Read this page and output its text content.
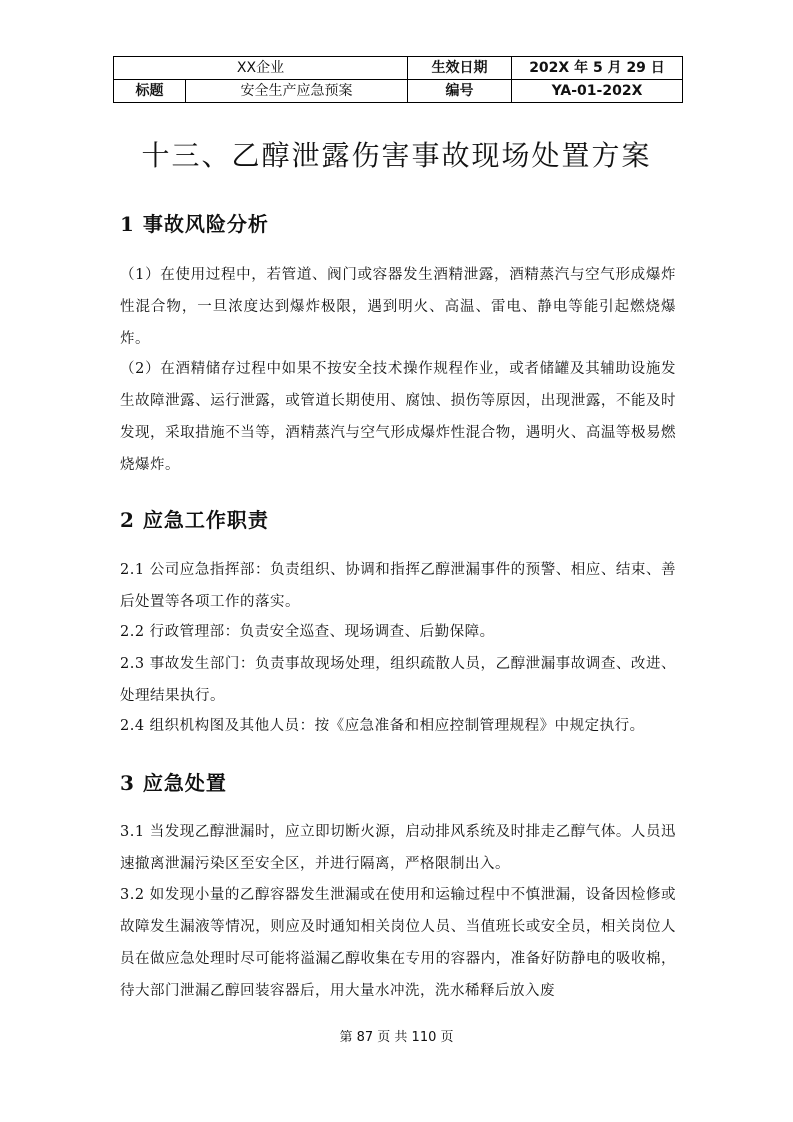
XX企业		生效日期	202X 年 5 月 29 日
标题	安全生产应急预案	编号	YA-01-202X
十三、乙醇泄露伤害事故现场处置方案
1 事故风险分析

（1）在使用过程中，若管道、阀门或容器发生酒精泄露，酒精蒸汽与空气形成爆炸性混合物，一旦浓度达到爆炸极限，遇到明火、高温、雷电、静电等能引起燃烧爆炸。

（2）在酒精储存过程中如果不按安全技术操作规程作业，或者储罐及其辅助设施发生故障泄露、运行泄露，或管道长期使用、腐蚀、损伤等原因，出现泄露，不能及时发现，采取措施不当等，酒精蒸汽与空气形成爆炸性混合物，遇明火、高温等极易燃烧爆炸。

2 应急工作职责

2.1 公司应急指挥部：负责组织、协调和指挥乙醇泄漏事件的预警、相应、结束、善后处置等各项工作的落实。

2.2 行政管理部：负责安全巡查、现场调查、后勤保障。

2.3 事故发生部门：负责事故现场处理，组织疏散人员，乙醇泄漏事故调查、改进、处理结果执行。

2.4 组织机构图及其他人员：按《应急准备和相应控制管理规程》中规定执行。

3 应急处置

3.1 当发现乙醇泄漏时，应立即切断火源，启动排风系统及时排走乙醇气体。人员迅速撤离泄漏污染区至安全区，并进行隔离，严格限制出入。

3.2 如发现小量的乙醇容器发生泄漏或在使用和运输过程中不慎泄漏，设备因检修或故障发生漏液等情况，则应及时通知相关岗位人员、当值班长或安全员，相关岗位人员在做应急处理时尽可能将溢漏乙醇收集在专用的容器内，准备好防静电的吸收棉，待大部门泄漏乙醇回装容器后，用大量水冲洗，洗水稀释后放入废

第 87 页 共 110 页
